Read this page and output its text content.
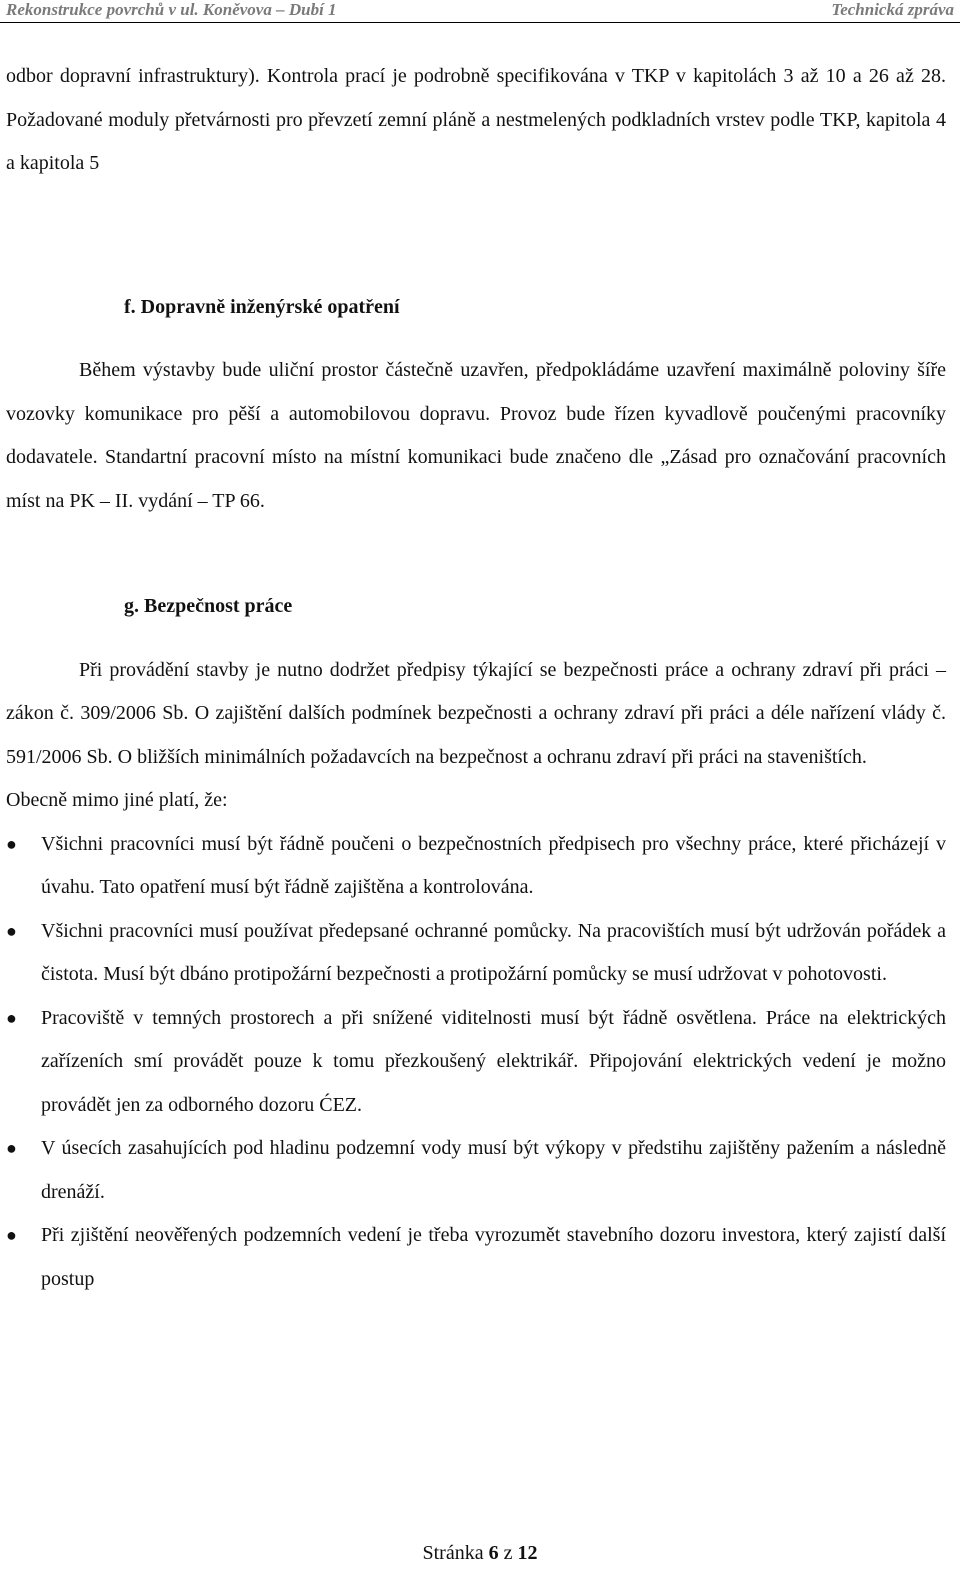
Rekonstrukce povrchů v ul. Koněvova – Dubí 1	Technická zpráva

odbor dopravní infrastruktury). Kontrola prací je podrobně specifikována v TKP v kapitolách 3 až 10 a 26 až 28. Požadované moduly přetvárnosti pro převzetí zemní pláně a nestmelených podkladních vrstev podle TKP, kapitola 4 a kapitola 5

f. Dopravně inženýrské opatření

Během výstavby bude uliční prostor částečně uzavřen, předpokládáme uzavření maximálně poloviny šíře vozovky komunikace pro pěší a automobilovou dopravu. Provoz bude řízen kyvadlově poučenými pracovníky dodavatele. Standartní pracovní místo na místní komunikaci bude značeno dle „Zásad pro označování pracovních míst na PK – II. vydání – TP 66.

g. Bezpečnost práce

Při provádění stavby je nutno dodržet předpisy týkající se bezpečnosti práce a ochrany zdraví při práci – zákon č. 309/2006 Sb. O zajištění dalších podmínek bezpečnosti a ochrany zdraví při práci a déle nařízení vlády č. 591/2006 Sb. O bližších minimálních požadavcích na bezpečnost a ochranu zdraví při práci na staveništích.

Obecně mimo jiné platí, že:

● Všichni pracovníci musí být řádně poučeni o bezpečnostních předpisech pro všechny práce, které přicházejí v úvahu. Tato opatření musí být řádně zajištěna a kontrolována.
● Všichni pracovníci musí používat předepsané ochranné pomůcky. Na pracovištích musí být udržován pořádek a čistota. Musí být dbáno protipožární bezpečnosti a protipožární pomůcky se musí udržovat v pohotovosti.
● Pracoviště v temných prostorech a při snížené viditelnosti musí být řádně osvětlena. Práce na elektrických zařízeních smí provádět pouze k tomu přezkoušený elektrikář. Připojování elektrických vedení je možno provádět jen za odborného dozoru ĆEZ.
● V úsecích zasahujících pod hladinu podzemní vody musí být výkopy v předstihu zajištěny pažením a následně drenáží.
● Při zjištění neověřených podzemních vedení je třeba vyrozumět stavebního dozoru investora, který zajistí další postup
Stránka 6 z 12
